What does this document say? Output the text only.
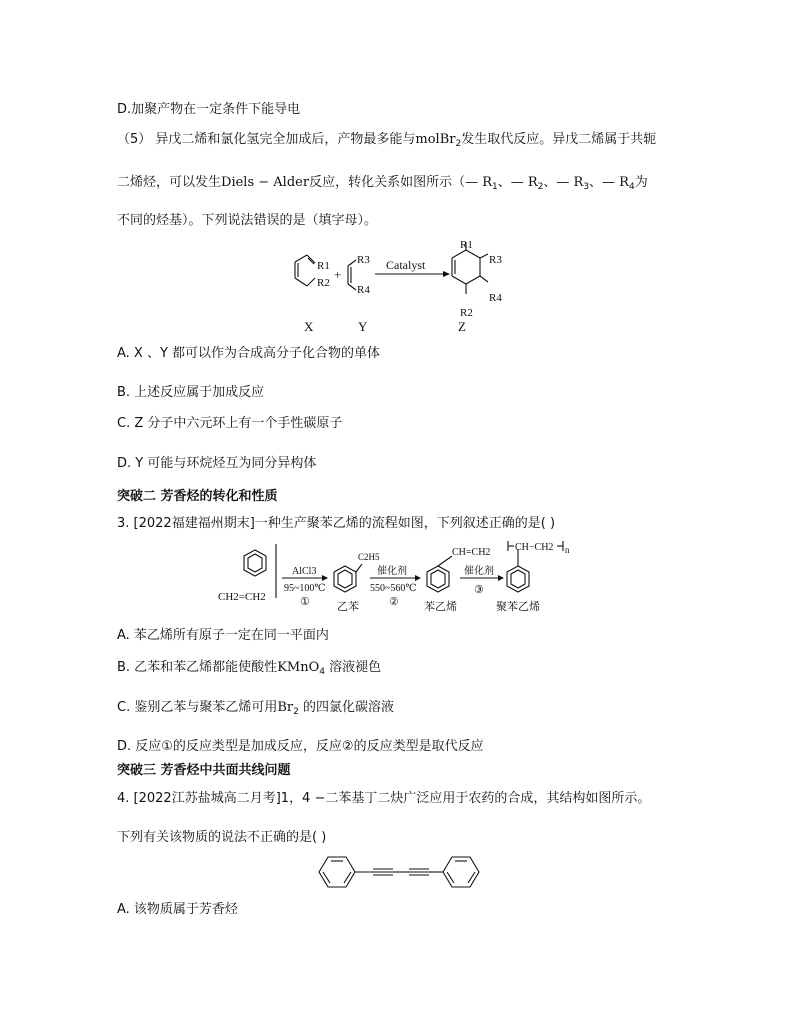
D.加聚产物在一定条件下能导电
（5） 异戊二烯和氯化氢完全加成后，产物最多能与molBr$_2$发生取代反应。异戊二烯属于共轭
二烯烃，可以发生Diels − Alder反应，转化关系如图所示（— $R_1$、— $R_2$、— $R_3$、— $R_4$为
不同的烃基）。下列说法错误的是（填字母）。
R1
R2
+
R3
R4
Catalyst
R1
R3
R4
R2
X	Y	Z
A. X 、Y 都可以作为合成高分子化合物的单体
B. 上述反应属于加成反应
C. Z 分子中六元环上有一个手性碳原子
D. Y 可能与环烷烃互为同分异构体
突破二 芳香烃的转化和性质
3. [2022福建福州期末]一种生产聚苯乙烯的流程如图，下列叙述正确的是( )
CH2=CH2
AlCl3
95~100℃
①
C2H5
乙苯
催化剂
550~560℃
②
CH=CH2
苯乙烯
催化剂
③
CH−CH2 n
聚苯乙烯
A. 苯乙烯所有原子一定在同一平面内
B. 乙苯和苯乙烯都能使酸性KMnO$_4$ 溶液褪色
C. 鉴别乙苯与聚苯乙烯可用$Br_2$ 的四氯化碳溶液
D. 反应①的反应类型是加成反应，反应②的反应类型是取代反应
突破三 芳香烃中共面共线问题
4. [2022江苏盐城高二月考]1，4 −二苯基丁二炔广泛应用于农药的合成，其结构如图所示。
下列有关该物质的说法不正确的是( )
A. 该物质属于芳香烃
